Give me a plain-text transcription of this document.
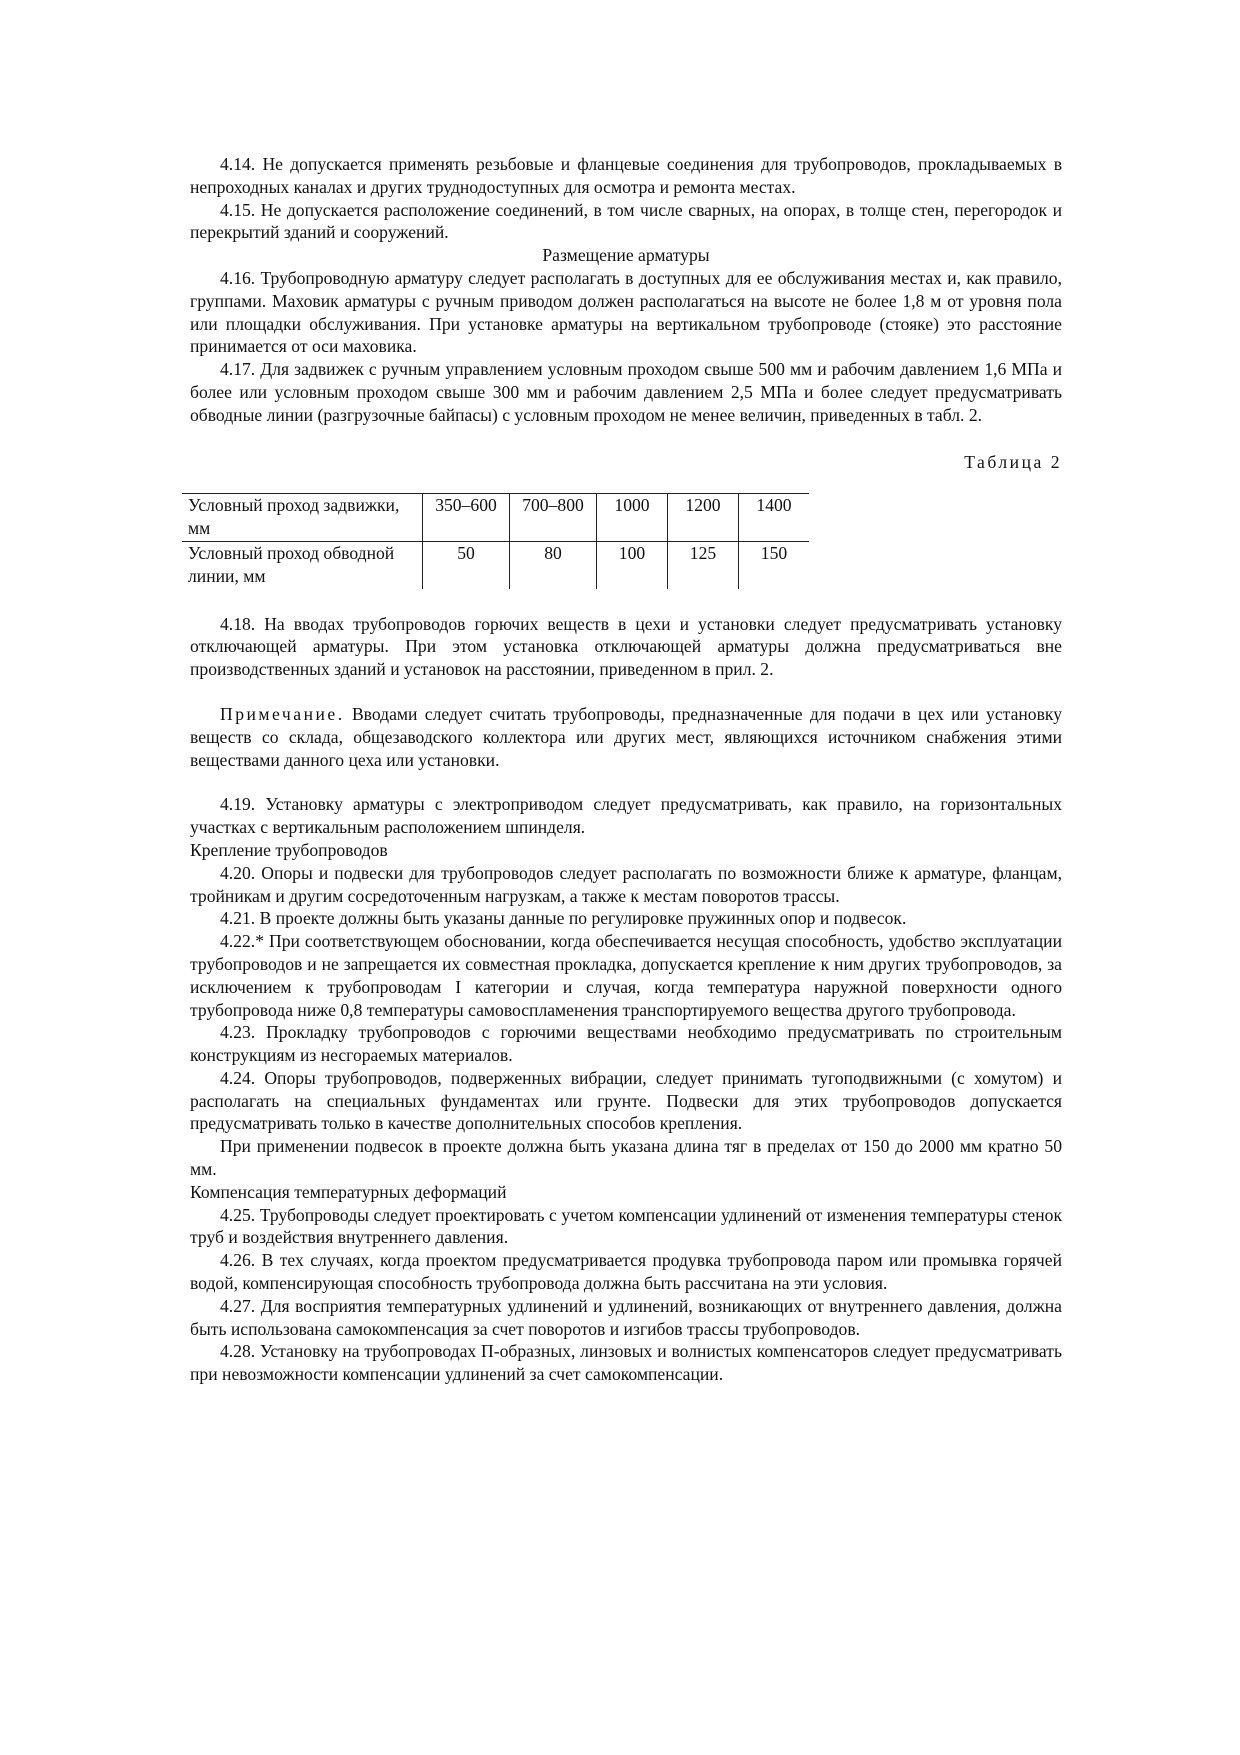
4.14. Не допускается применять резьбовые и фланцевые соединения для трубопроводов, прокладываемых в непроходных каналах и других труднодоступных для осмотра и ремонта местах.

4.15. Не допускается расположение соединений, в том числе сварных, на опорах, в толще стен, перегородок и перекрытий зданий и сооружений.

Размещение арматуры

4.16. Трубопроводную арматуру следует располагать в доступных для ее обслуживания местах и, как правило, группами. Маховик арматуры с ручным приводом должен располагаться на высоте не более 1,8 м от уровня пола или площадки обслуживания. При установке арматуры на вертикальном трубопроводе (стояке) это расстояние принимается от оси маховика.

4.17. Для задвижек с ручным управлением условным проходом свыше 500 мм и рабочим давлением 1,6 МПа и более или условным проходом свыше 300 мм и рабочим давлением 2,5 МПа и более следует предусматривать обводные линии (разгрузочные байпасы) с условным проходом не менее величин, приведенных в табл. 2.

Таблица 2

Условный проход задвижки, мм	350–600	700–800	1000	1200	1400
Условный проход обводной линии, мм	50	80	100	125	150

4.18. На вводах трубопроводов горючих веществ в цехи и установки следует предусматривать установку отключающей арматуры. При этом установка отключающей арматуры должна предусматриваться вне производственных зданий и установок на расстоянии, приведенном в прил. 2.

Примечание. Вводами следует считать трубопроводы, предназначенные для подачи в цех или установку веществ со склада, общезаводского коллектора или других мест, являющихся источником снабжения этими веществами данного цеха или установки.

4.19. Установку арматуры с электроприводом следует предусматривать, как правило, на горизонтальных участках с вертикальным расположением шпинделя.

Крепление трубопроводов

4.20. Опоры и подвески для трубопроводов следует располагать по возможности ближе к арматуре, фланцам, тройникам и другим сосредоточенным нагрузкам, а также к местам поворотов трассы.

4.21. В проекте должны быть указаны данные по регулировке пружинных опор и подвесок.

4.22.* При соответствующем обосновании, когда обеспечивается несущая способность, удобство эксплуатации трубопроводов и не запрещается их совместная прокладка, допускается крепление к ним других трубопроводов, за исключением к трубопроводам I категории и случая, когда температура наружной поверхности одного трубопровода ниже 0,8 температуры самовоспламенения транспортируемого вещества другого трубопровода.

4.23. Прокладку трубопроводов с горючими веществами необходимо предусматривать по строительным конструкциям из несгораемых материалов.

4.24. Опоры трубопроводов, подверженных вибрации, следует принимать тугоподвижными (с хомутом) и располагать на специальных фундаментах или грунте. Подвески для этих трубопроводов допускается предусматривать только в качестве дополнительных способов крепления.

При применении подвесок в проекте должна быть указана длина тяг в пределах от 150 до 2000 мм кратно 50 мм.

Компенсация температурных деформаций

4.25. Трубопроводы следует проектировать с учетом компенсации удлинений от изменения температуры стенок труб и воздействия внутреннего давления.

4.26. В тех случаях, когда проектом предусматривается продувка трубопровода паром или промывка горячей водой, компенсирующая способность трубопровода должна быть рассчитана на эти условия.

4.27. Для восприятия температурных удлинений и удлинений, возникающих от внутреннего давления, должна быть использована самокомпенсация за счет поворотов и изгибов трассы трубопроводов.

4.28. Установку на трубопроводах П-образных, линзовых и волнистых компенсаторов следует предусматривать при невозможности компенсации удлинений за счет самокомпенсации.
